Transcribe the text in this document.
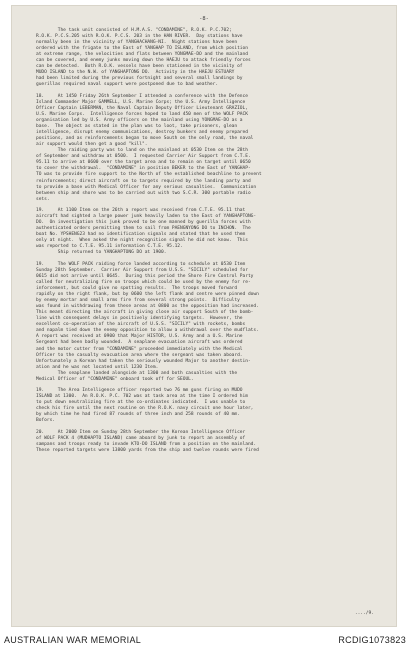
-8-

The task unit consisted of H.M.A.S. "CONDAMINE", R.O.K. P.C.702;
R.O.K. P.C.S.205 with R.O.K. P.C.S. 203 in the HAN RIVER.  Day stations have
normally been in the vicinity of YANGHACHANG-NI.  Night stations have been
ordered with the frigate to the East of YANGHAP TO ISLAND, from which position
at extreme range, the velocities and flats between YONGMAE-DO and the mainland
can be covered, and enemy junks moving down the HAEJU to attack friendly forces
can be detected.  Both R.O.K. vessels have been stationed in the vicinity of
MUDO ISLAND to the N.W. of YANGHAPTONG DO.  Activity in the HAEJU ESTUARY
had been limited during the previous fortnight and several small landings by
guerillas required naval support were postponed due to bad weather.

18.     At 1450 Friday 26th September I attended a conference with the Defence
Island Commander Major GAMMELL, U.S. Marine Corps; the U.S. Army Intelligence
Officer Captain LEBERMAN, the Naval Captain Deputy Officer Lieutenant GRAZIOL,
U.S. Marine Corps.  Intelligence forces hoped to land 450 men of the WOLF PACK
organisation led by U.S. Army officers on the mainland using YONGMAE-DO as a
base.  The object as stated in the plan was to loot, take prisoners, glean
intelligence, disrupt enemy communications, destroy bunkers and enemy prepared
positions, and as reinforcements began to move South on the only road, the naval
air support would then get a good "kill".
The raiding party was to land on the mainland at 0530 Item on the 28th
of September and withdraw at 0500.  I requested Carrier Air Support from C.T.E.
95.11 to arrive at 0600 over the target area and to remain on target until 0650
to cover the withdrawal.  "CONDAMINE" in position BEKER to the East of YANGHAP-
TO was to provide fire support to the North of the established beachline to prevent
reinforcements; direct aircraft on to targets required by the landing party and
to provide a base with Medical Officer for any serious casualties.  Communication
between ship and shore was to be carried out with two S.C.R. 300 portable radio
sets.

19.     At 1100 Item on the 26th a report was received from C.T.E. 95.11 that
aircraft had sighted a large power junk heavily laden to the East of YANGHAPTONG-
DO.  On investigation this junk proved to be one manned by guerilla forces with
authenticated orders permitting them to sail from PAENGNYONG DO to INCHON.  The
boat No. YPSHENG23 had no identification signals and stated that he used them
only at night.  When asked the night recognition signal he did not know.  This
was reported to C.T.E. 95.11 information C.T.E. 95.12.
Ship returned to YANGHAPTONG DO at 1900.

19.     The WOLF PACK raiding force landed according to schedule at 0530 Item
Sunday 28th September.  Carrier Air Support from U.S.S. "SICILY" scheduled for
0615 did not arrive until 0645.  During this period the Shore Fire Control Party
called for neutralizing fire on troops which could be used by the enemy for re-
inforcement, but could give no spotting results.  The troops moved forward
rapidly on the right flank, but by 0600 the left flank and centre were pinned down
by enemy mortar and small arms fire from several strong points.  Difficulty
was found in withdrawing from these areas at 0800 as the opposition had increased.
This meant directing the aircraft in giving close air support South of the bomb-
line with consequent delays in positively identifying targets.  However, the
excellent co-operation of the aircraft of U.S.S. "SICILY" with rockets, bombs
and napalm tied down the enemy opposition to allow a withdrawal over the mudflats.
A report was received at 0900 that Major HISTOR, U.S. Army and a U.S. Marine
Sergeant had been badly wounded.  A seaplane evacuation aircraft was ordered
and the motor cutter from "CONDAMINE" proceeded immediately with the Medical
Officer to the casualty evacuation area where the sergeant was taken aboard.
Unfortunately a Korean had taken the seriously wounded Major to another destin-
ation and he was not located until 1230 Item.
The seaplane landed alongside at 1300 and both casualties with the
Medical Officer of "CONDAMINE" onboard took off for SEOUL.

19.     The Area Intelligence officer reported two 76 mm guns firing on MUDO
ISLAND at 1300.  An R.O.K. P.C. 702 was at task area at the time I ordered him
to put down neutralizing fire at the co-ordinates indicated.  I was unable to
check his fire until the next routine on the R.O.K. navy circuit one hour later,
by which time he had fired 87 rounds of three inch and 258 rounds of 40 mm.
Bofors.

20.     At 2000 Item on Sunday 28th September the Korean Intelligence Officer
of WOLF PACK 4 (MUDHAPTO ISLAND) came aboard by junk to report an assembly of
sampans and troops ready to invade KTO-DO ISLAND from a position on the mainland.
These reported targets were 13800 yards from the ship and twelve rounds were fired

..../9.
AUSTRALIAN WAR MEMORIAL	RCDIG1073823
